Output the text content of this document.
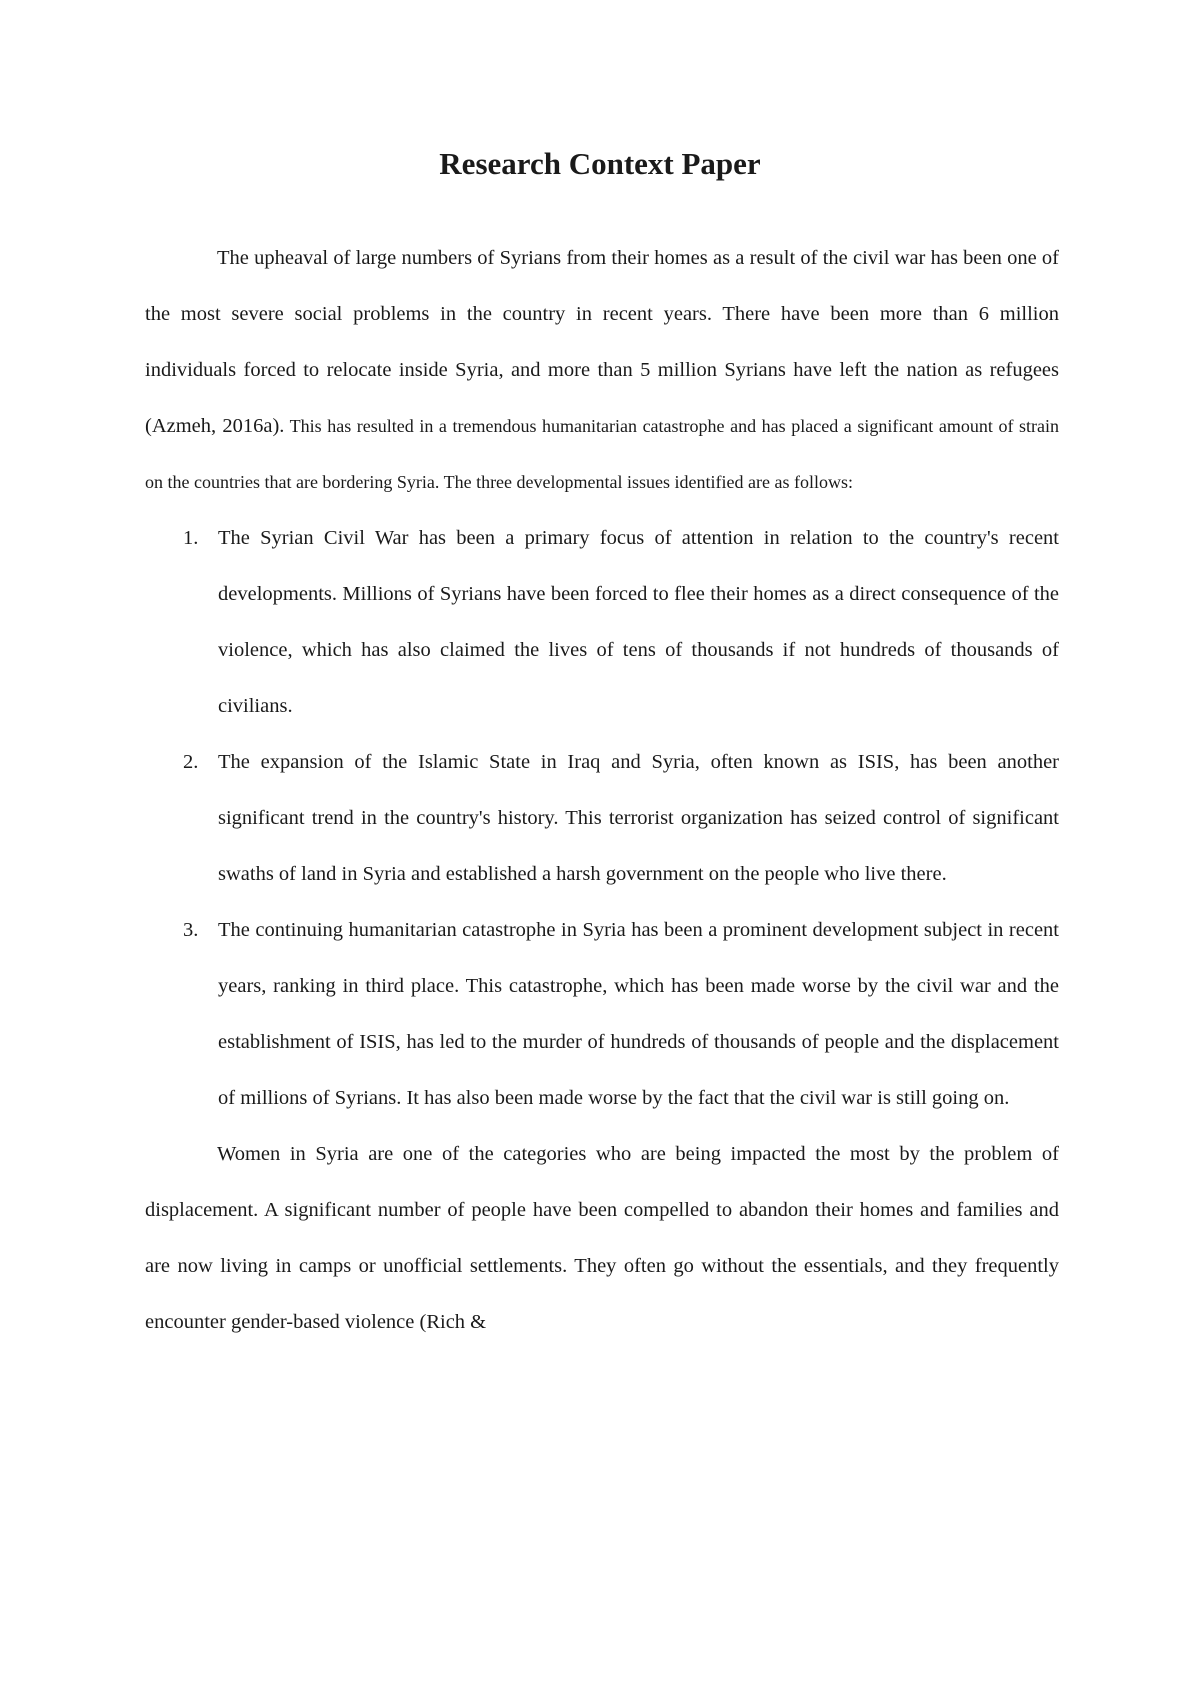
Research Context Paper

The upheaval of large numbers of Syrians from their homes as a result of the civil war has been one of the most severe social problems in the country in recent years. There have been more than 6 million individuals forced to relocate inside Syria, and more than 5 million Syrians have left the nation as refugees (Azmeh, 2016a). This has resulted in a tremendous humanitarian catastrophe and has placed a significant amount of strain on the countries that are bordering Syria. The three developmental issues identified are as follows:

1. The Syrian Civil War has been a primary focus of attention in relation to the country's recent developments. Millions of Syrians have been forced to flee their homes as a direct consequence of the violence, which has also claimed the lives of tens of thousands if not hundreds of thousands of civilians.
2. The expansion of the Islamic State in Iraq and Syria, often known as ISIS, has been another significant trend in the country's history. This terrorist organization has seized control of significant swaths of land in Syria and established a harsh government on the people who live there.
3. The continuing humanitarian catastrophe in Syria has been a prominent development subject in recent years, ranking in third place. This catastrophe, which has been made worse by the civil war and the establishment of ISIS, has led to the murder of hundreds of thousands of people and the displacement of millions of Syrians. It has also been made worse by the fact that the civil war is still going on.

Women in Syria are one of the categories who are being impacted the most by the problem of displacement. A significant number of people have been compelled to abandon their homes and families and are now living in camps or unofficial settlements. They often go without the essentials, and they frequently encounter gender-based violence (Rich &
